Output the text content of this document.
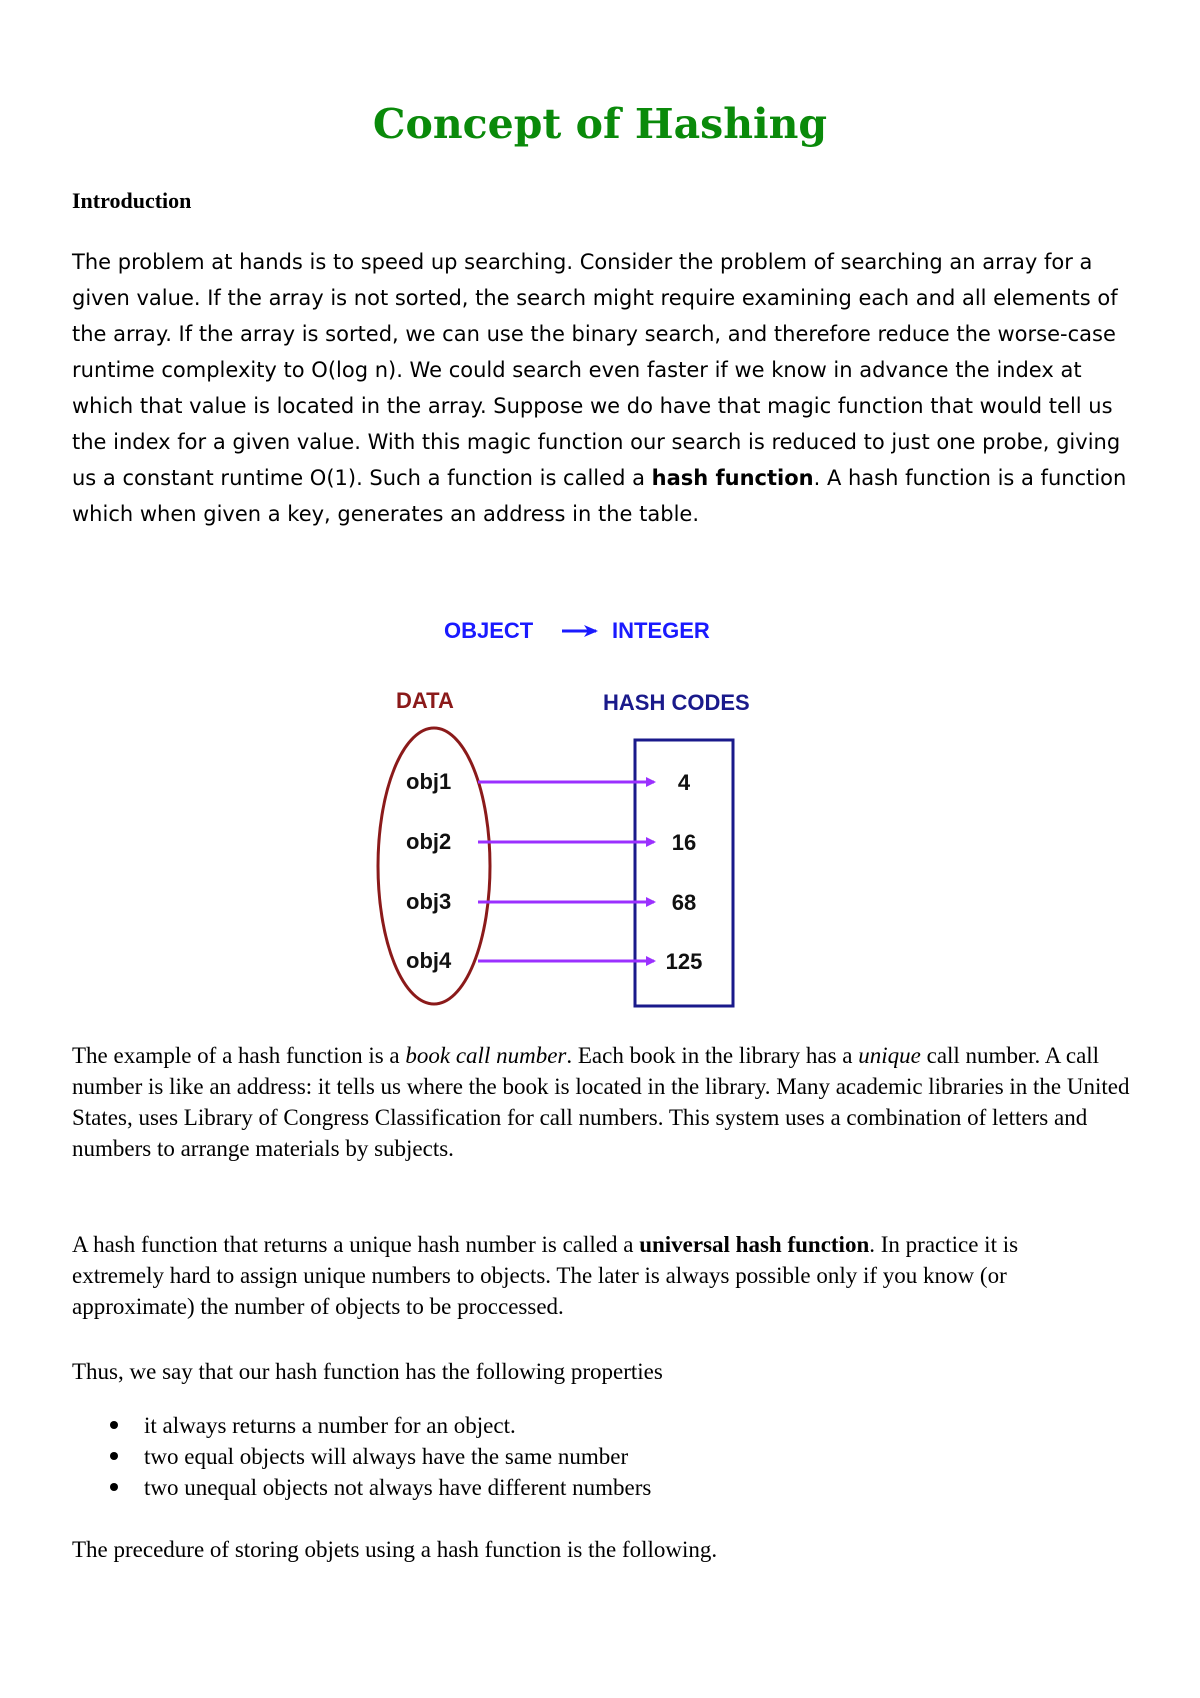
Concept of Hashing
Introduction

The problem at hands is to speed up searching. Consider the problem of searching an array for a given value. If the array is not sorted, the search might require examining each and all elements of the array. If the array is sorted, we can use the binary search, and therefore reduce the worse-case runtime complexity to O(log n). We could search even faster if we know in advance the index at which that value is located in the array. Suppose we do have that magic function that would tell us the index for a given value. With this magic function our search is reduced to just one probe, giving us a constant runtime O(1). Such a function is called a hash function. A hash function is a function which when given a key, generates an address in the table.

OBJECT	INTEGER
DATA	HASH CODES
obj1	4
obj2	16
obj3	68
obj4	125

The example of a hash function is a book call number. Each book in the library has a unique call number. A call number is like an address: it tells us where the book is located in the library. Many academic libraries in the United States, uses Library of Congress Classification for call numbers. This system uses a combination of letters and numbers to arrange materials by subjects.

A hash function that returns a unique hash number is called a universal hash function. In practice it is extremely hard to assign unique numbers to objects. The later is always possible only if you know (or approximate) the number of objects to be proccessed.

Thus, we say that our hash function has the following properties

it always returns a number for an object.
two equal objects will always have the same number
two unequal objects not always have different numbers

The precedure of storing objets using a hash function is the following.
